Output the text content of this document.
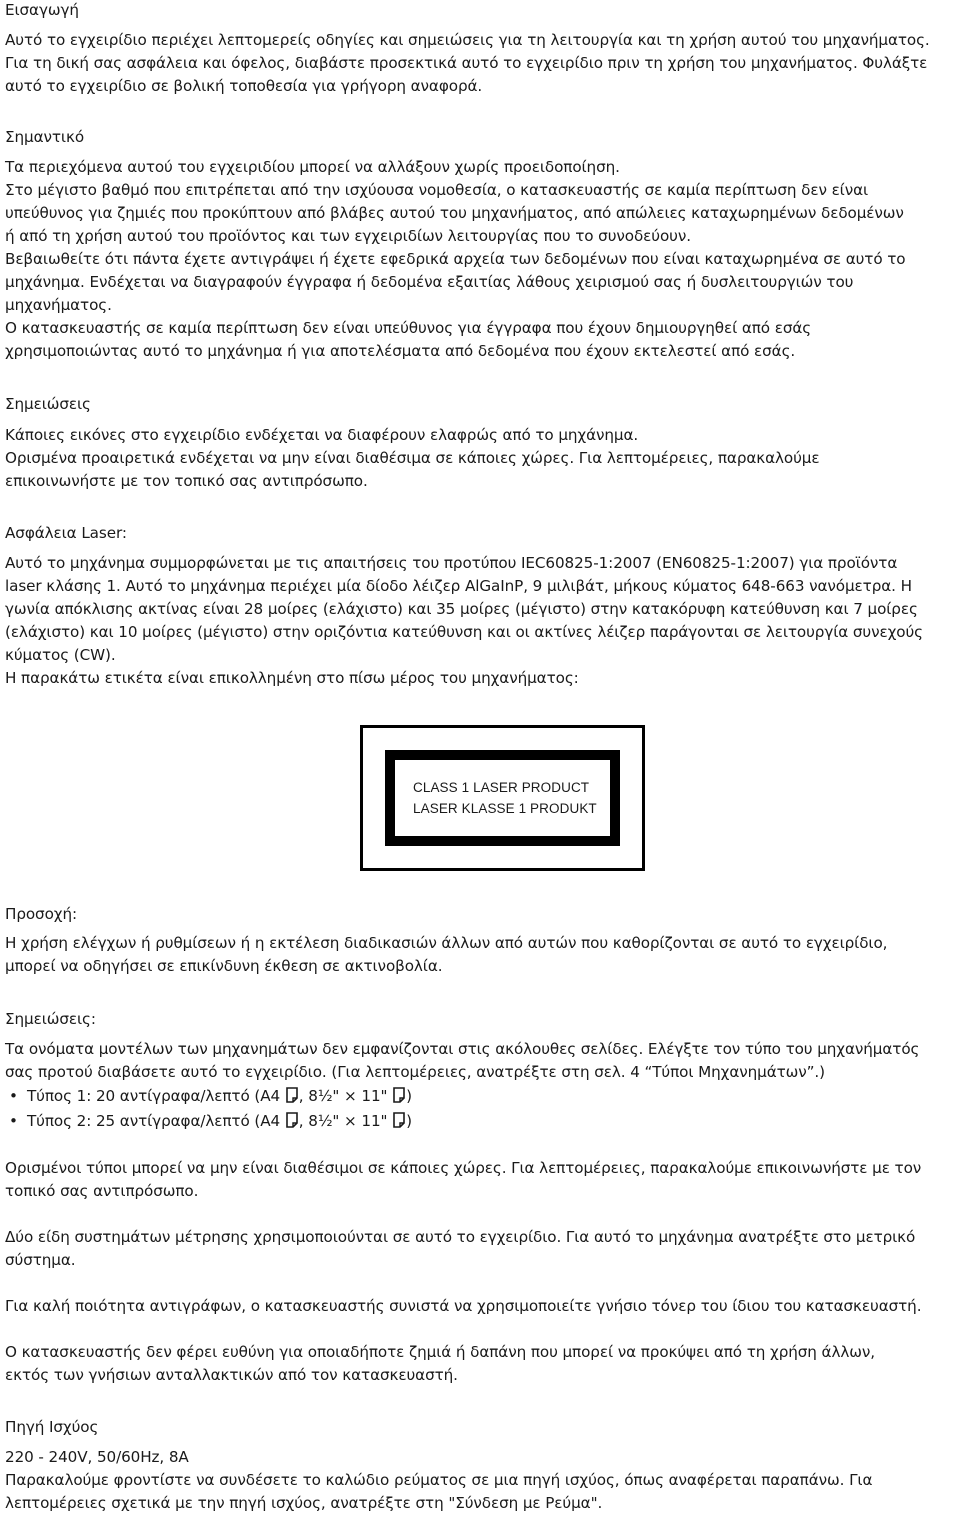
Εισαγωγή
Αυτό το εγχειρίδιο περιέχει λεπτομερείς οδηγίες και σημειώσεις για τη λειτουργία και τη χρήση αυτού του μηχανήματος.
Για τη δική σας ασφάλεια και όφελος, διαβάστε προσεκτικά αυτό το εγχειρίδιο πριν τη χρήση του μηχανήματος. Φυλάξτε
αυτό το εγχειρίδιο σε βολική τοποθεσία για γρήγορη αναφορά.
Σημαντικό
Τα περιεχόμενα αυτού του εγχειριδίου μπορεί να αλλάξουν χωρίς προειδοποίηση.
Στο μέγιστο βαθμό που επιτρέπεται από την ισχύουσα νομοθεσία, ο κατασκευαστής σε καμία περίπτωση δεν είναι
υπεύθυνος για ζημιές που προκύπτουν από βλάβες αυτού του μηχανήματος, από απώλειες καταχωρημένων δεδομένων
ή από τη χρήση αυτού του προϊόντος και των εγχειριδίων λειτουργίας που το συνοδεύουν.
Βεβαιωθείτε ότι πάντα έχετε αντιγράψει ή έχετε εφεδρικά αρχεία των δεδομένων που είναι καταχωρημένα σε αυτό το
μηχάνημα. Ενδέχεται να διαγραφούν έγγραφα ή δεδομένα εξαιτίας λάθους χειρισμού σας ή δυσλειτουργιών του
μηχανήματος.
Ο κατασκευαστής σε καμία περίπτωση δεν είναι υπεύθυνος για έγγραφα που έχουν δημιουργηθεί από εσάς
χρησιμοποιώντας αυτό το μηχάνημα ή για αποτελέσματα από δεδομένα που έχουν εκτελεστεί από εσάς.
Σημειώσεις
Κάποιες εικόνες στο εγχειρίδιο ενδέχεται να διαφέρουν ελαφρώς από το μηχάνημα.
Ορισμένα προαιρετικά ενδέχεται να μην είναι διαθέσιμα σε κάποιες χώρες. Για λεπτομέρειες, παρακαλούμε
επικοινωνήστε με τον τοπικό σας αντιπρόσωπο.
Ασφάλεια Laser:
Αυτό το μηχάνημα συμμορφώνεται με τις απαιτήσεις του προτύπου IEC60825-1:2007 (EN60825-1:2007) για προϊόντα
laser κλάσης 1. Αυτό το μηχάνημα περιέχει μία δίοδο λέιζερ AlGaInP, 9 μιλιβάτ, μήκους κύματος 648-663 νανόμετρα. Η
γωνία απόκλισης ακτίνας είναι 28 μοίρες (ελάχιστο) και 35 μοίρες (μέγιστο) στην κατακόρυφη κατεύθυνση και 7 μοίρες
(ελάχιστο) και 10 μοίρες (μέγιστο) στην οριζόντια κατεύθυνση και οι ακτίνες λέιζερ παράγονται σε λειτουργία συνεχούς
κύματος (CW).
Η παρακάτω ετικέτα είναι επικολλημένη στο πίσω μέρος του μηχανήματος:
CLASS 1 LASER PRODUCT
LASER KLASSE 1 PRODUKT
Προσοχή:
Η χρήση ελέγχων ή ρυθμίσεων ή η εκτέλεση διαδικασιών άλλων από αυτών που καθορίζονται σε αυτό το εγχειρίδιο,
μπορεί να οδηγήσει σε επικίνδυνη έκθεση σε ακτινοβολία.
Σημειώσεις:
Τα ονόματα μοντέλων των μηχανημάτων δεν εμφανίζονται στις ακόλουθες σελίδες. Ελέγξτε τον τύπο του μηχανήματός
σας προτού διαβάσετε αυτό το εγχειρίδιο. (Για λεπτομέρειες, ανατρέξτε στη σελ. 4 “Τύποι Μηχανημάτων”.)
• Τύπος 1: 20 αντίγραφα/λεπτό (A4 , 8½" × 11" )
• Τύπος 2: 25 αντίγραφα/λεπτό (A4 , 8½" × 11" )
Ορισμένοι τύποι μπορεί να μην είναι διαθέσιμοι σε κάποιες χώρες. Για λεπτομέρειες, παρακαλούμε επικοινωνήστε με τον
τοπικό σας αντιπρόσωπο.
Δύο είδη συστημάτων μέτρησης χρησιμοποιούνται σε αυτό το εγχειρίδιο. Για αυτό το μηχάνημα ανατρέξτε στο μετρικό
σύστημα.
Για καλή ποιότητα αντιγράφων, ο κατασκευαστής συνιστά να χρησιμοποιείτε γνήσιο τόνερ του ίδιου του κατασκευαστή.
Ο κατασκευαστής δεν φέρει ευθύνη για οποιαδήποτε ζημιά ή δαπάνη που μπορεί να προκύψει από τη χρήση άλλων,
εκτός των γνήσιων ανταλλακτικών από τον κατασκευαστή.
Πηγή Ισχύος
220 - 240V, 50/60Hz, 8A
Παρακαλούμε φροντίστε να συνδέσετε το καλώδιο ρεύματος σε μια πηγή ισχύος, όπως αναφέρεται παραπάνω. Για
λεπτομέρειες σχετικά με την πηγή ισχύος, ανατρέξτε στη "Σύνδεση με Ρεύμα".
